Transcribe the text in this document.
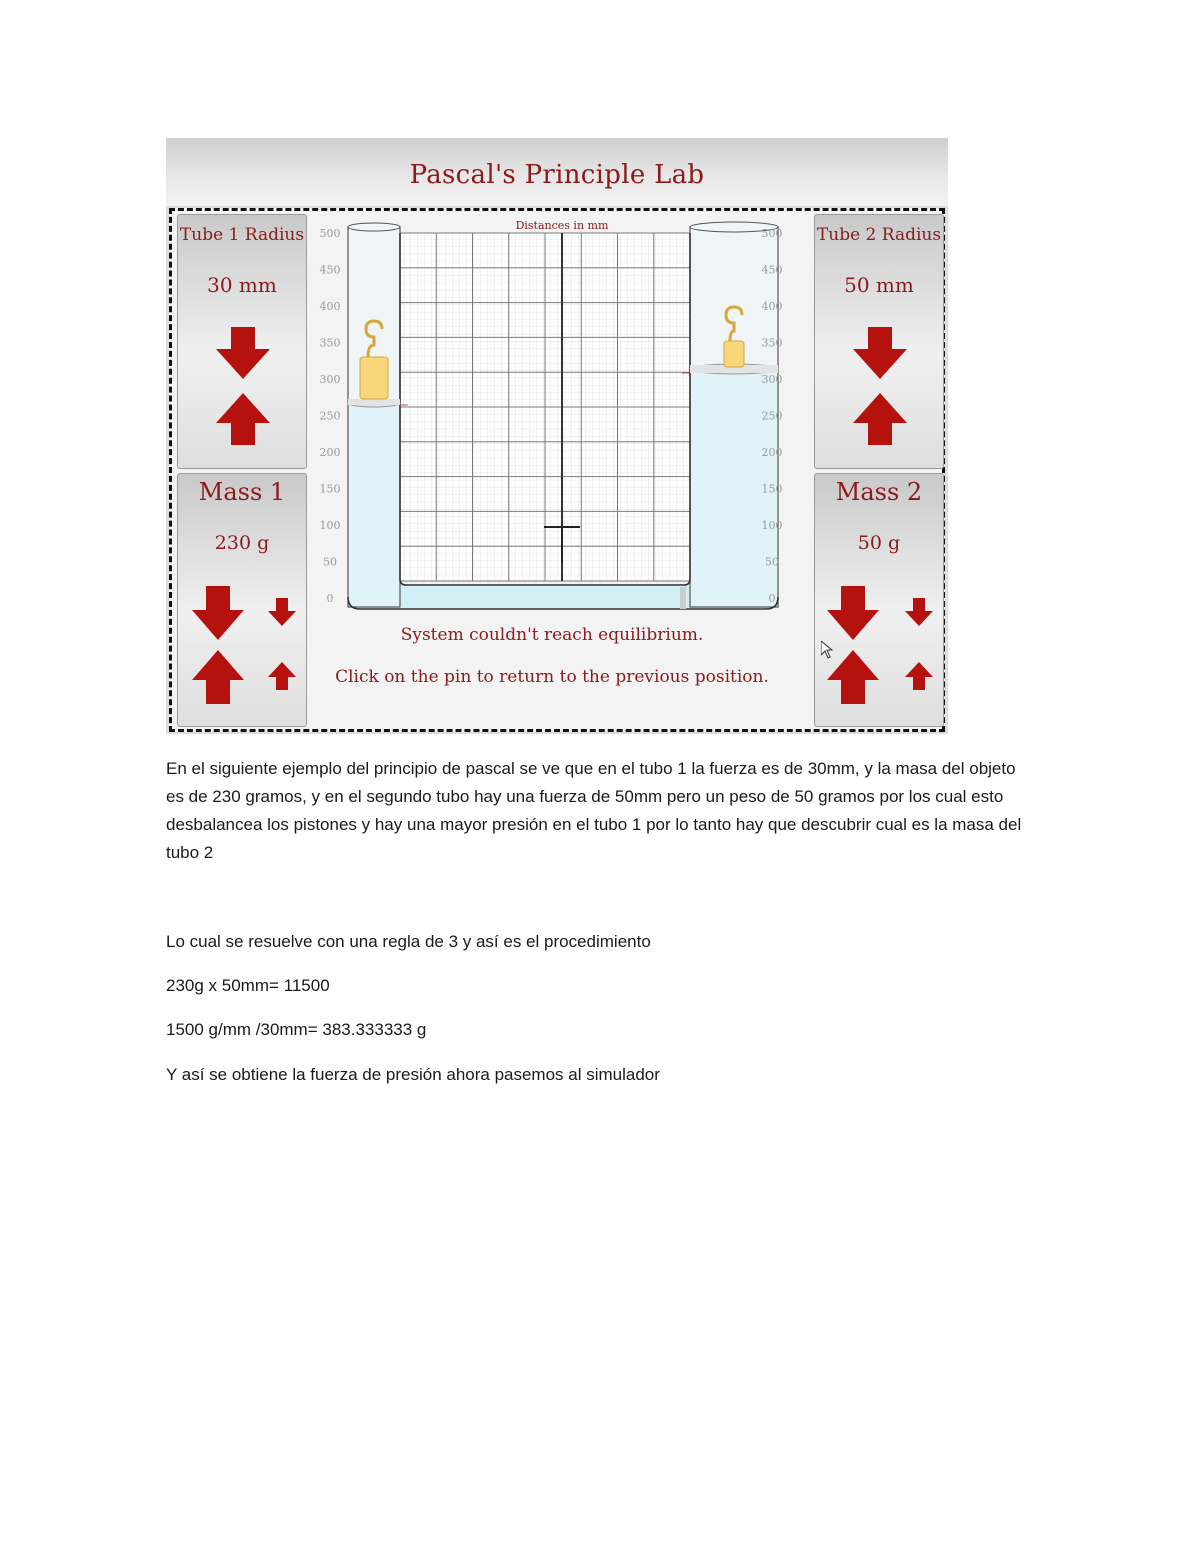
Pascal's Principle Lab
Tube 1 Radius
30 mm
Mass 1
230 g
Tube 2 Radius
50 mm
Mass 2
50 g
500
450
400
350
300
250
200
150
100
50
0
500
450
400
350
300
250
200
150
100
50
0
Distances in mm
System couldn't reach equilibrium.
Click on the pin to return to the previous position.

En el siguiente ejemplo del principio de pascal se ve que en el tubo 1 la fuerza es de 30mm, y la masa del objeto es de 230 gramos, y en el segundo tubo hay una fuerza de 50mm pero un peso de 50 gramos por los cual esto desbalancea los pistones y hay una mayor presión en el tubo 1 por lo tanto hay que descubrir cual es la masa del tubo 2

Lo cual se resuelve con una regla de 3 y así es el procedimiento

230g x 50mm= 11500

1500 g/mm /30mm= 383.333333 g

Y así se obtiene la fuerza de presión ahora pasemos al simulador
